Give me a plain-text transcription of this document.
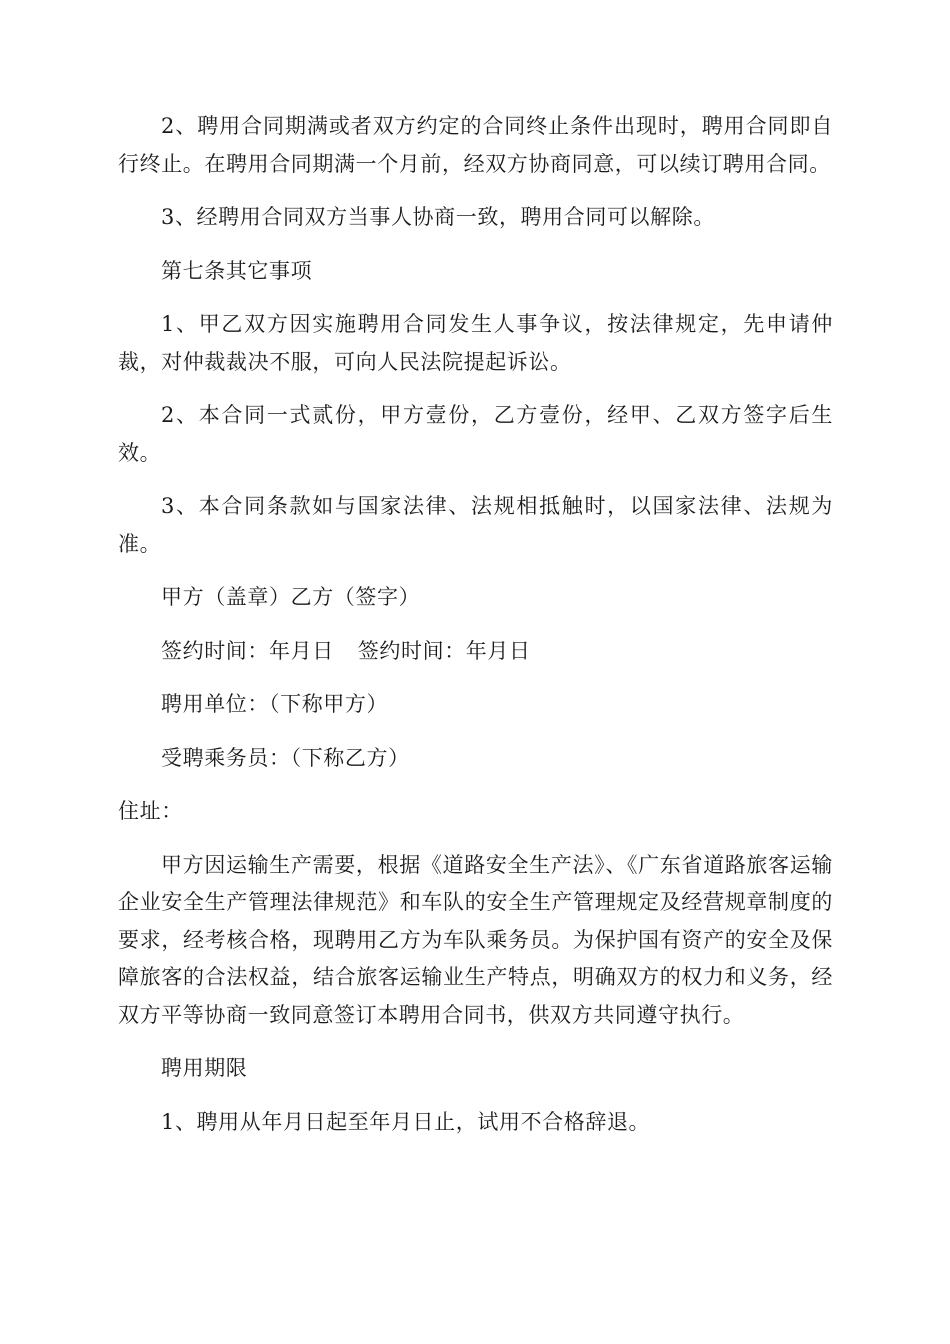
2、聘用合同期满或者双方约定的合同终止条件出现时，聘用合同即自行终止。在聘用合同期满一个月前，经双方协商同意，可以续订聘用合同。

3、经聘用合同双方当事人协商一致，聘用合同可以解除。

第七条其它事项

1、甲乙双方因实施聘用合同发生人事争议，按法律规定，先申请仲裁，对仲裁裁决不服，可向人民法院提起诉讼。

2、本合同一式贰份，甲方壹份，乙方壹份，经甲、乙双方签字后生效。

3、本合同条款如与国家法律、法规相抵触时，以国家法律、法规为准。

甲方（盖章）乙方（签字）

签约时间：年月日 签约时间：年月日

聘用单位：（下称甲方）

受聘乘务员：（下称乙方）

住址：

甲方因运输生产需要，根据《道路安全生产法》、《广东省道路旅客运输企业安全生产管理法律规范》和车队的安全生产管理规定及经营规章制度的要求，经考核合格，现聘用乙方为车队乘务员。为保护国有资产的安全及保障旅客的合法权益，结合旅客运输业生产特点，明确双方的权力和义务，经双方平等协商一致同意签订本聘用合同书，供双方共同遵守执行。

聘用期限

1、聘用从年月日起至年月日止，试用不合格辞退。
